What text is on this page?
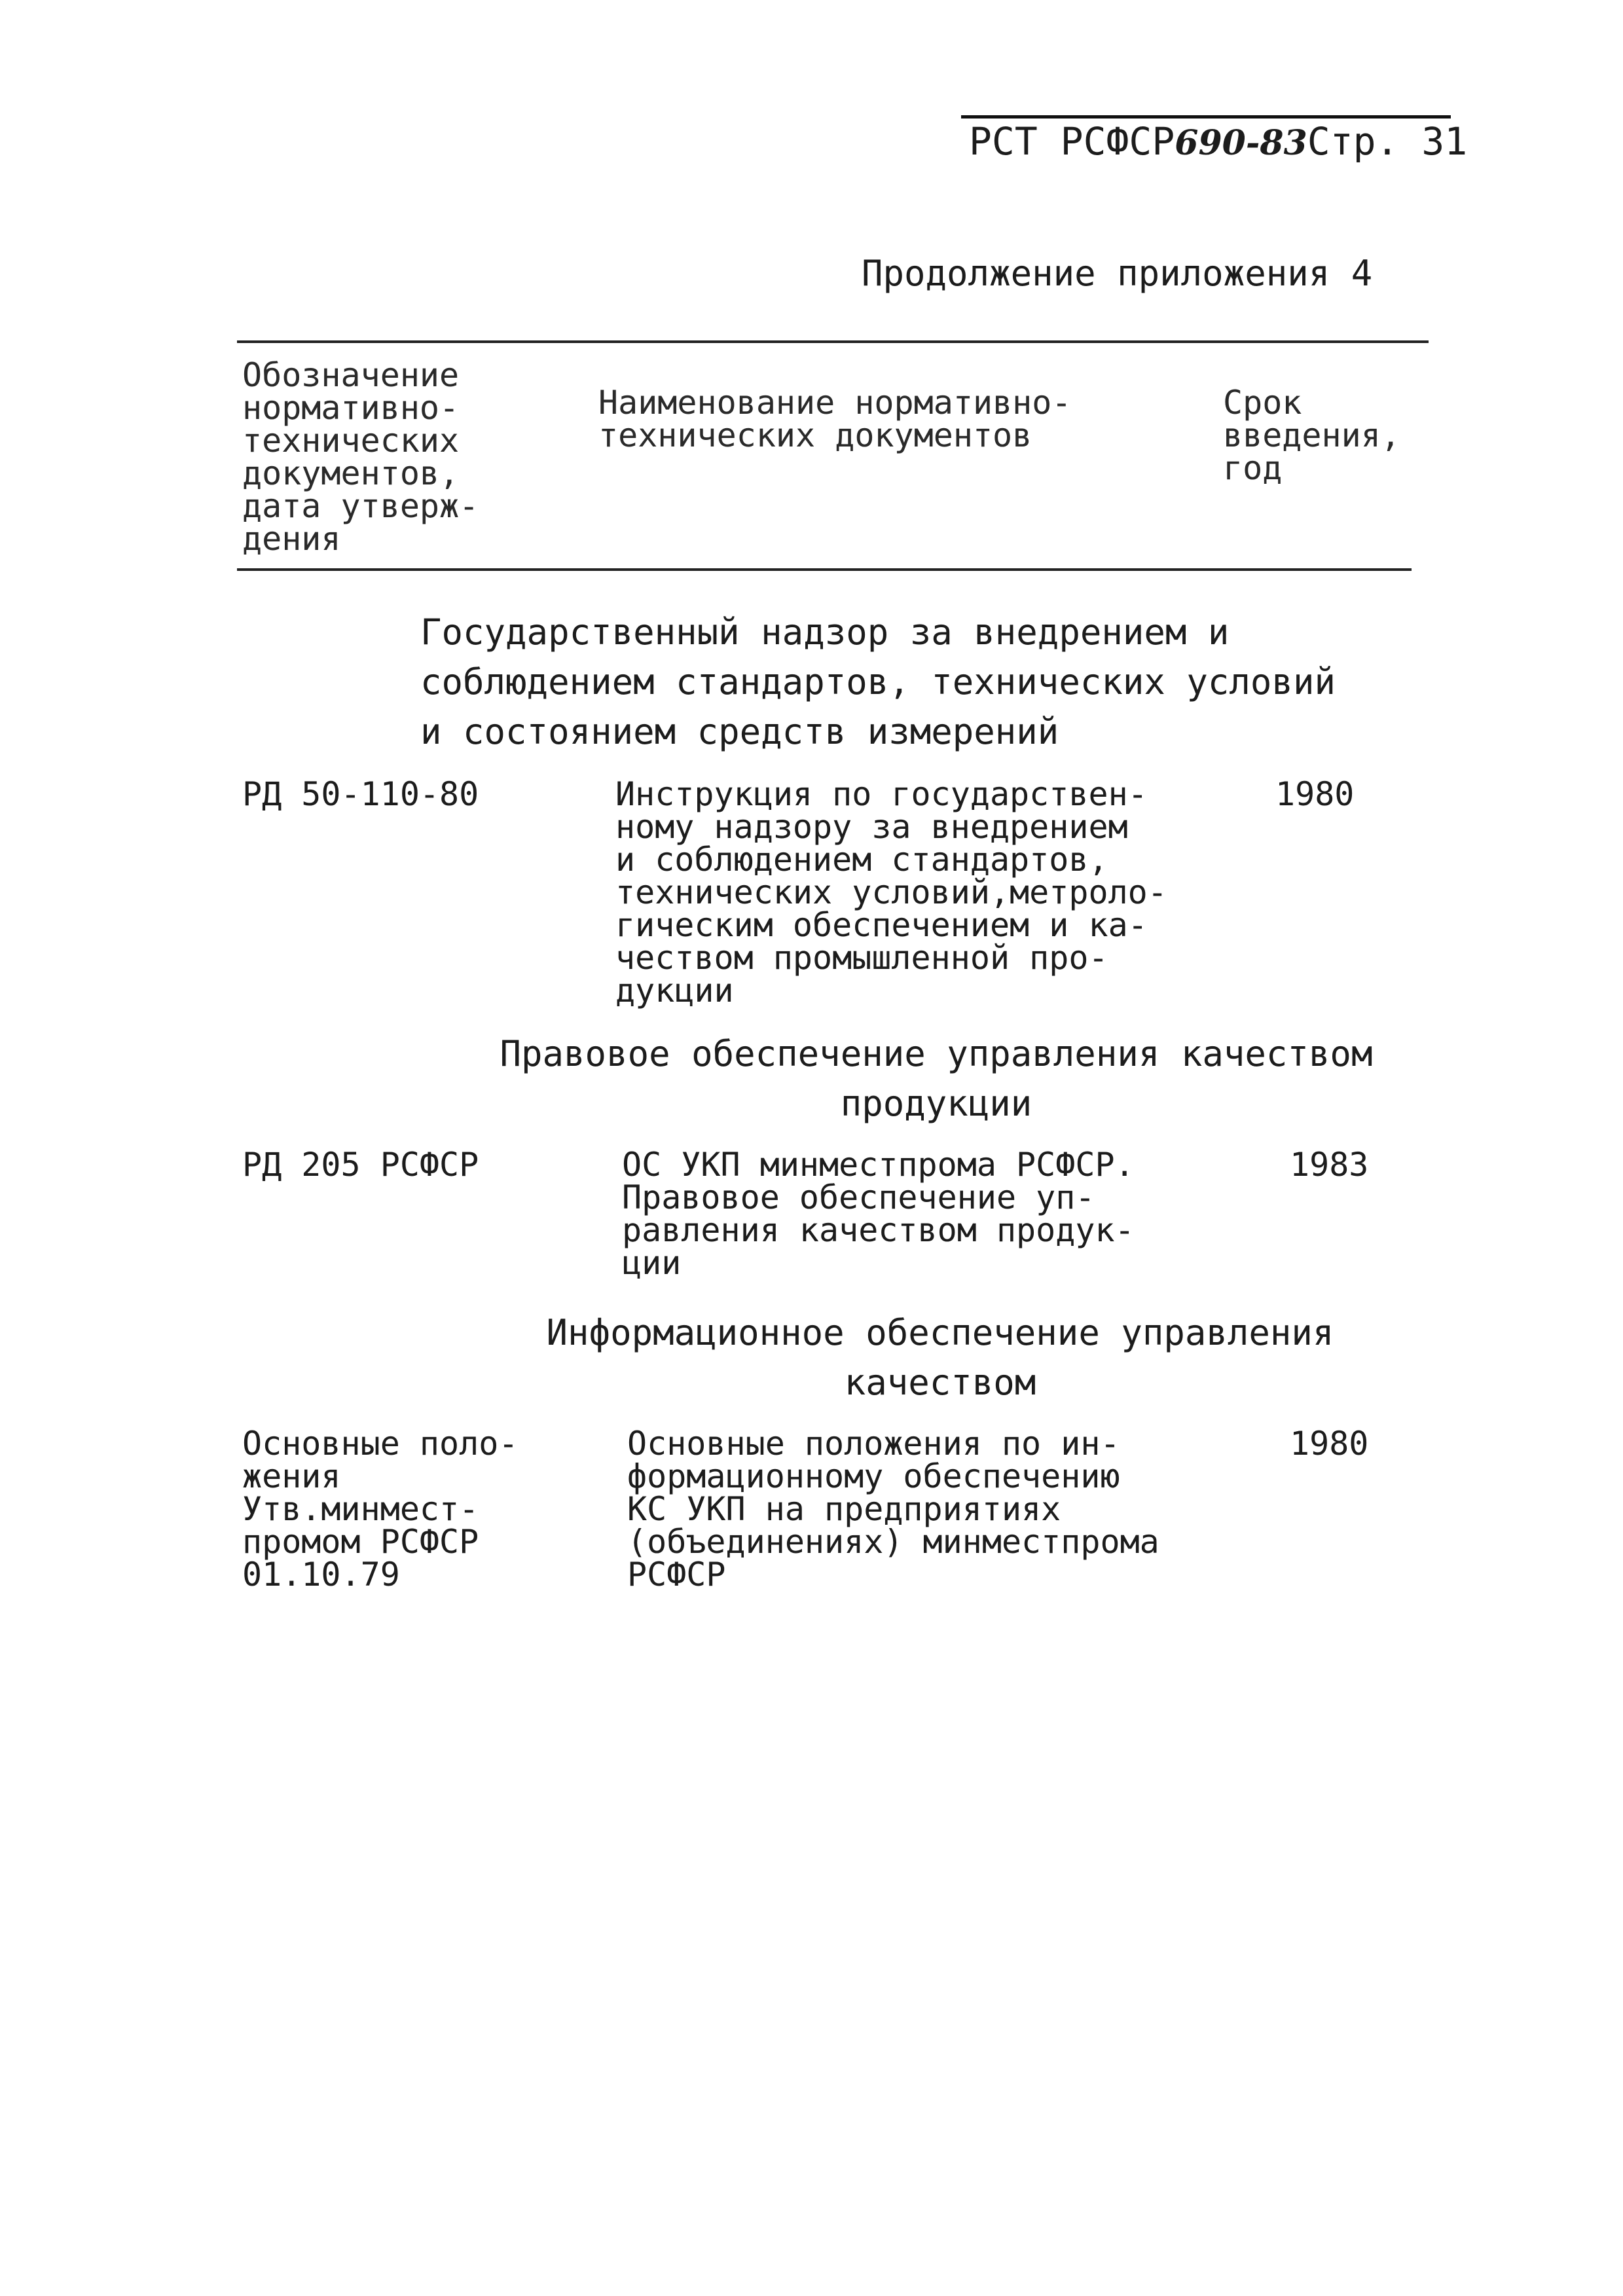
РСТ РСФСР690-83Стр. 31
Продолжение приложения 4
Обозначение
нормативно-
технических
документов,
дата утверж-
дения
Наименование нормативно-
технических документов
Срок
введения,
год
Государственный надзор за внедрением и
соблюдением стандартов, технических условий
и состоянием средств измерений
РД 50-110-80	Инструкция по государствен-
ному надзору за внедрением
и соблюдением стандартов,
технических условий,метроло-
гическим обеспечением и ка-
чеством промышленной про-
дукции
1980
Правовое обеспечение управления качеством
продукции
РД 205 РСФСР	ОС УКП минместпрома РСФСР.
Правовое обеспечение уп-
равления качеством продук-
ции
1983
Информационное обеспечение управления
качеством
Основные поло-
жения
Утв.минмест-
промом РСФСР
01.10.79
Основные положения по ин-
формационному обеспечению
КС УКП на предприятиях
(объединениях) минместпрома
РСФСР
1980
